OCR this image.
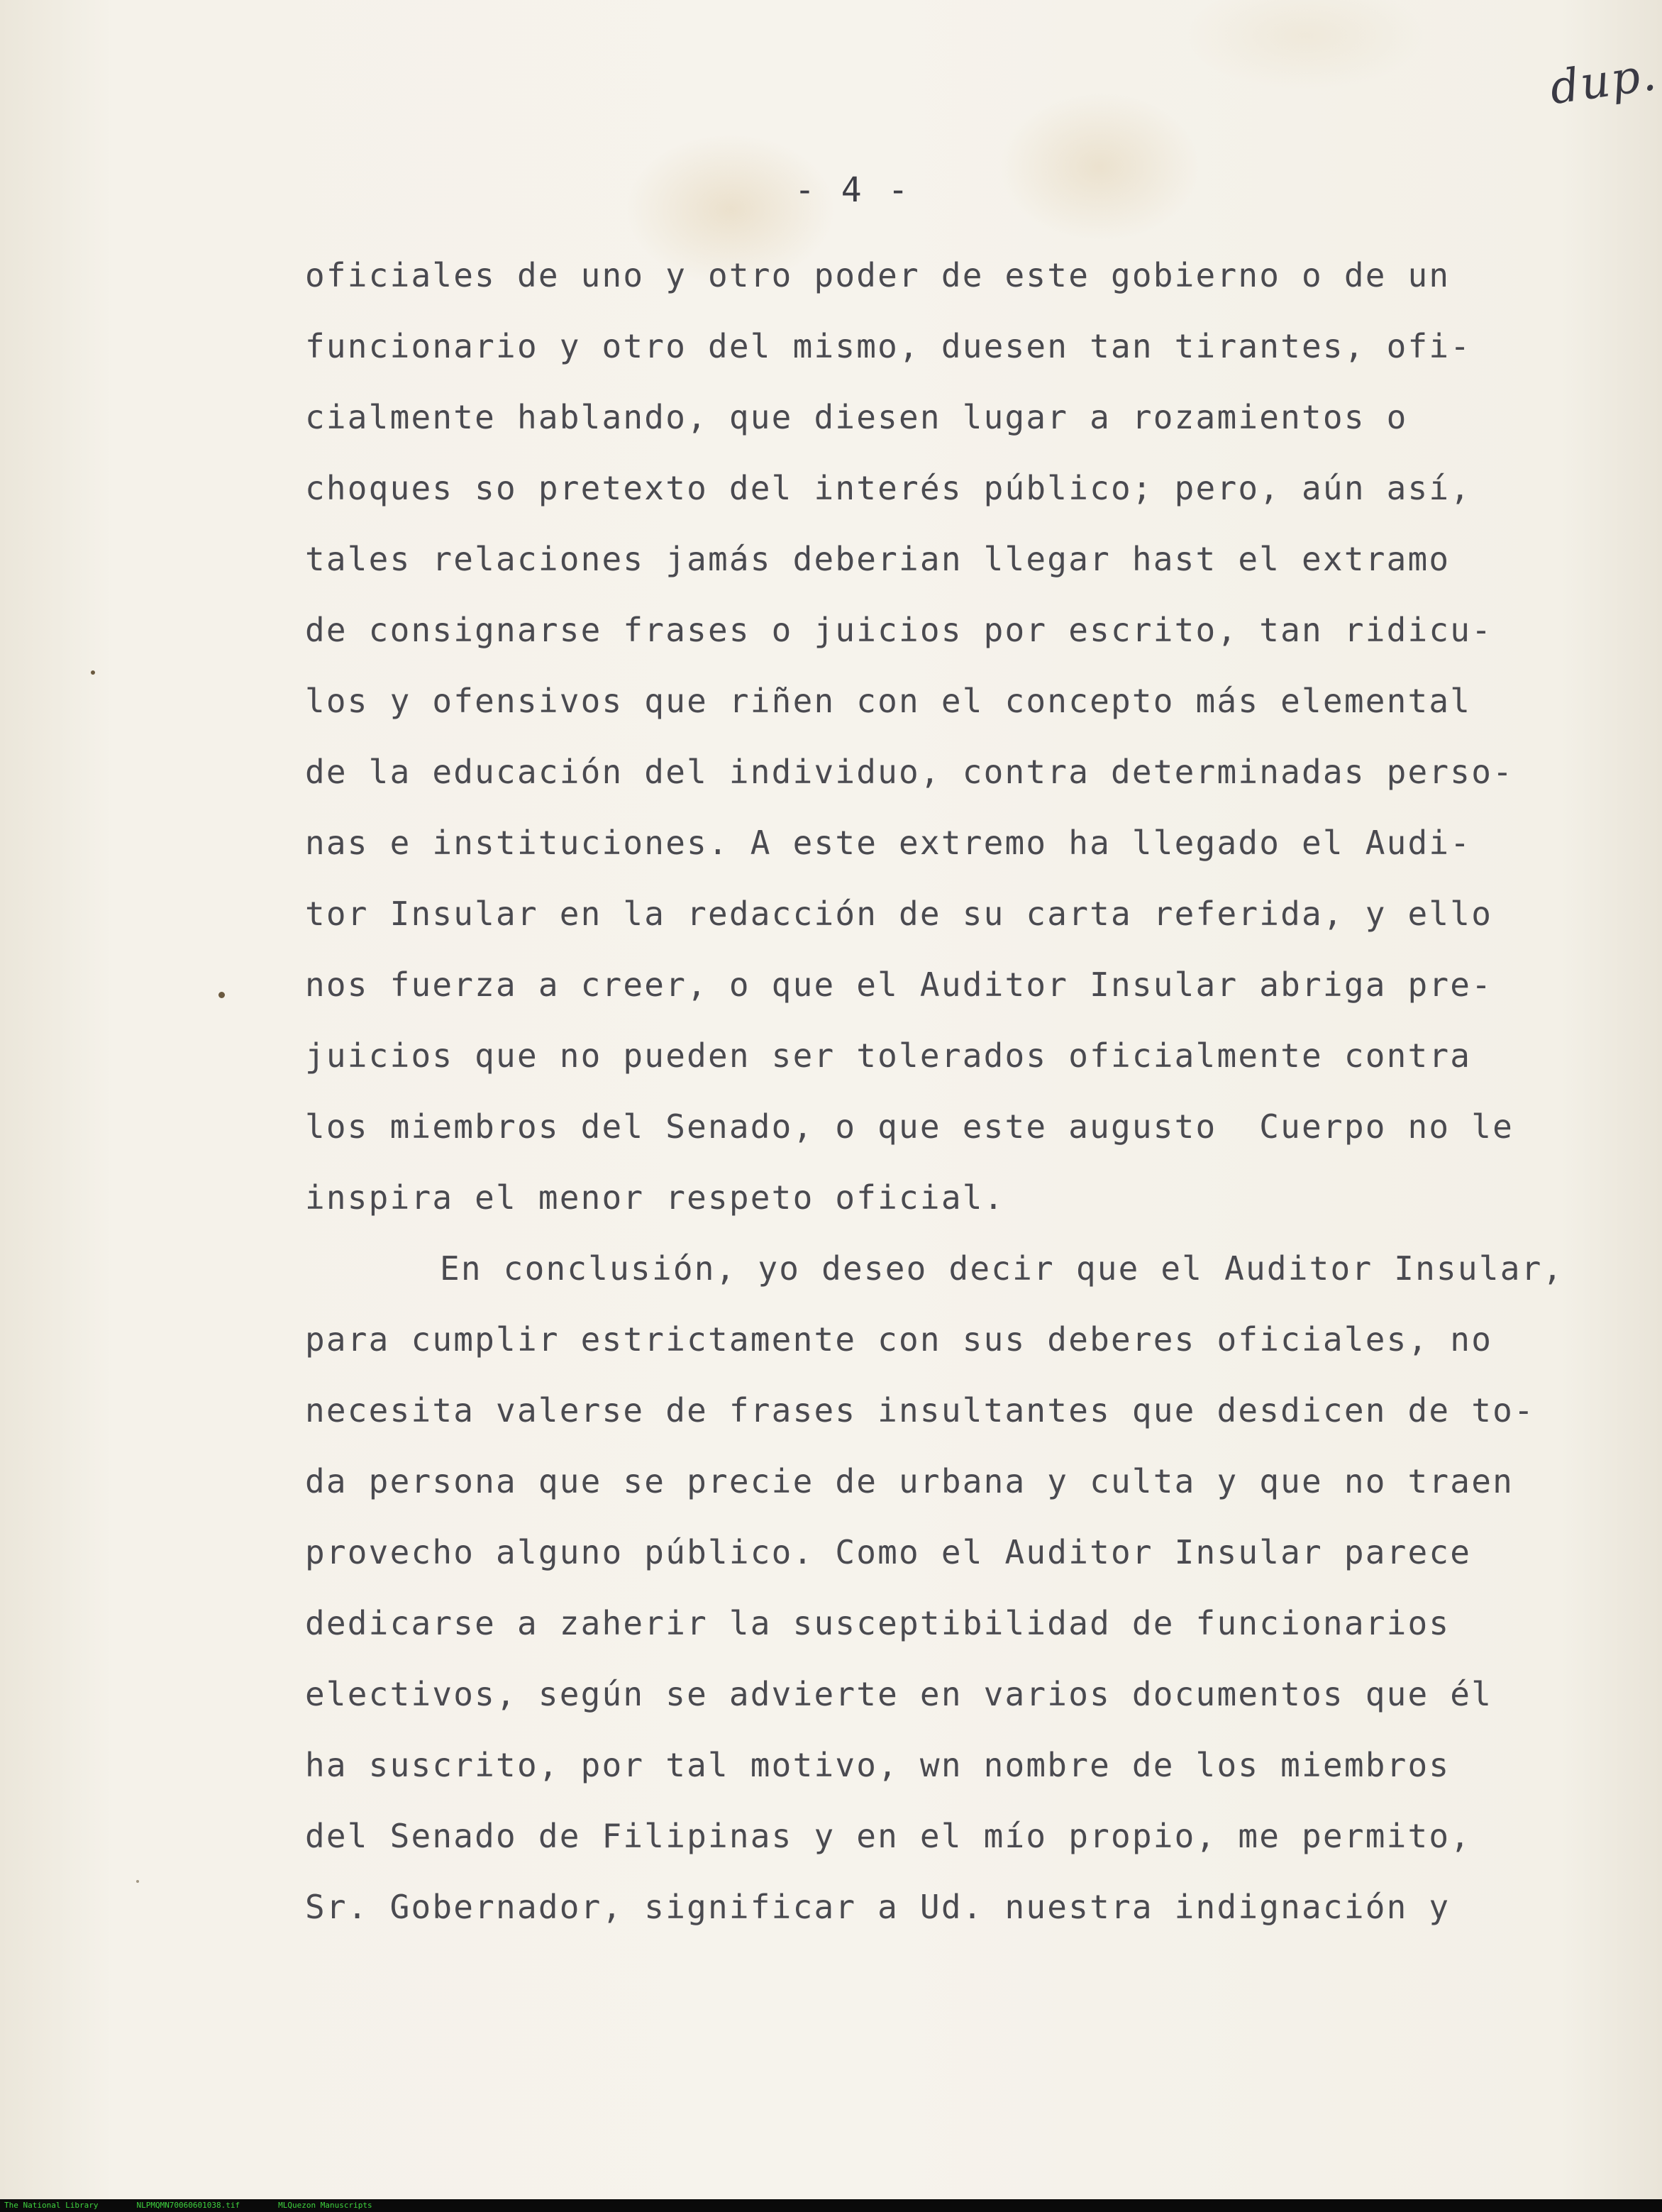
dup.
- 4 -
oficiales de uno y otro poder de este gobierno o de un
funcionario y otro del mismo, duesen tan tirantes, ofi-
cialmente hablando, que diesen lugar a rozamientos o
choques so pretexto del interés público; pero, aún así,
tales relaciones jamás deberian llegar hast el extramo
de consignarse frases o juicios por escrito, tan ridicu-
los y ofensivos que riñen con el concepto más elemental
de la educación del individuo, contra determinadas perso-
nas e instituciones. A este extremo ha llegado el Audi-
tor Insular en la redacción de su carta referida, y ello
nos fuerza a creer, o que el Auditor Insular abriga pre-
juicios que no pueden ser tolerados oficialmente contra
los miembros del Senado, o que este augusto  Cuerpo no le
inspira el menor respeto oficial.
En conclusión, yo deseo decir que el Auditor Insular,
para cumplir estrictamente con sus deberes oficiales, no
necesita valerse de frases insultantes que desdicen de to-
da persona que se precie de urbana y culta y que no traen
provecho alguno público. Como el Auditor Insular parece
dedicarse a zaherir la susceptibilidad de funcionarios
electivos, según se advierte en varios documentos que él
ha suscrito, por tal motivo, wn nombre de los miembros
del Senado de Filipinas y en el mío propio, me permito,
Sr. Gobernador, significar a Ud. nuestra indignación y
The National Library	NLPMQMN70060601038.tif	MLQuezon Manuscripts
